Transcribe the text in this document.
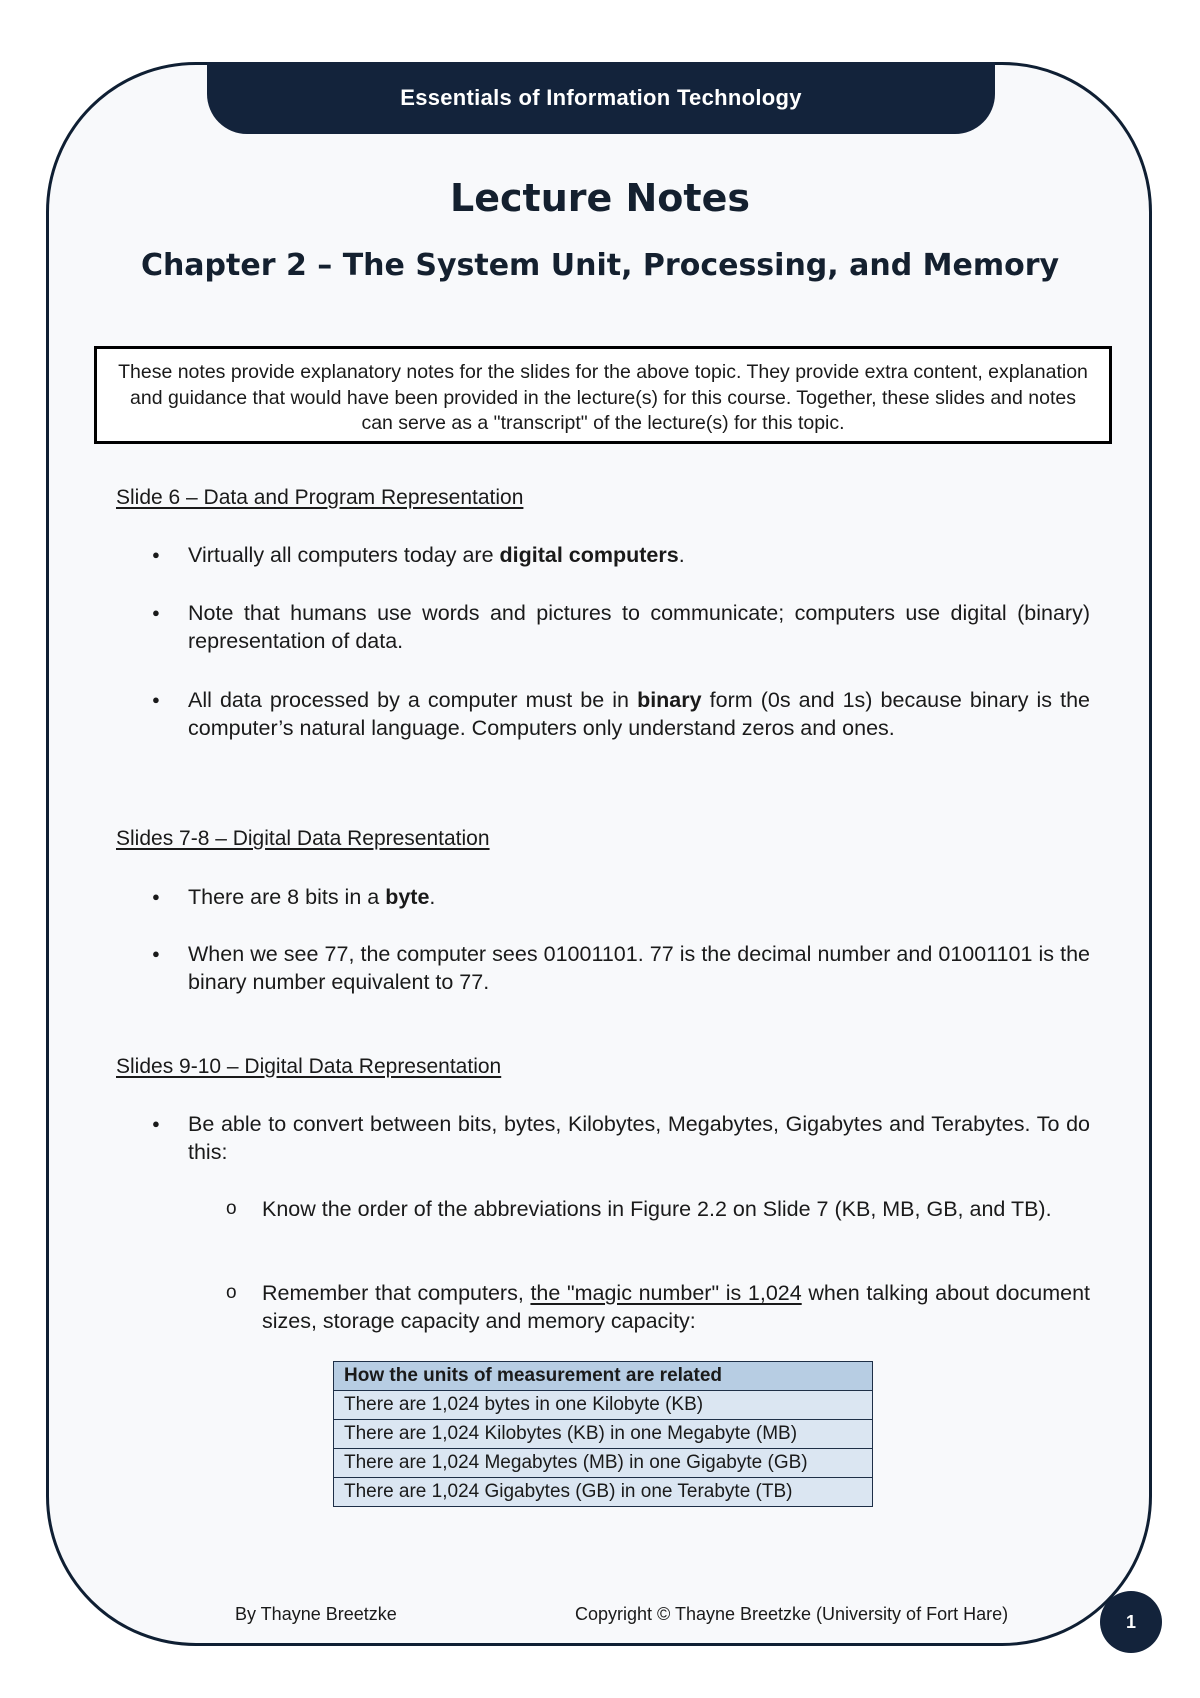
Essentials of Information Technology
Lecture Notes
Chapter 2 – The System Unit, Processing, and Memory
These notes provide explanatory notes for the slides for the above topic. They provide extra content, explanation and guidance that would have been provided in the lecture(s) for this course. Together, these slides and notes can serve as a "transcript" of the lecture(s) for this topic.
Slide 6 – Data and Program Representation
● Virtually all computers today are digital computers.
● Note that humans use words and pictures to communicate; computers use digital (binary) representation of data.
● All data processed by a computer must be in binary form (0s and 1s) because binary is the computer’s natural language. Computers only understand zeros and ones.
Slides 7-8 – Digital Data Representation
● There are 8 bits in a byte.
● When we see 77, the computer sees 01001101. 77 is the decimal number and 01001101 is the binary number equivalent to 77.
Slides 9-10 – Digital Data Representation
● Be able to convert between bits, bytes, Kilobytes, Megabytes, Gigabytes and Terabytes. To do this:
o Know the order of the abbreviations in Figure 2.2 on Slide 7 (KB, MB, GB, and TB).
o Remember that computers, the "magic number" is 1,024 when talking about document sizes, storage capacity and memory capacity:
How the units of measurement are related
There are 1,024 bytes in one Kilobyte (KB)
There are 1,024 Kilobytes (KB) in one Megabyte (MB)
There are 1,024 Megabytes (MB) in one Gigabyte (GB)
There are 1,024 Gigabytes (GB) in one Terabyte (TB)
By Thayne Breetzke	Copyright © Thayne Breetzke (University of Fort Hare)	1
